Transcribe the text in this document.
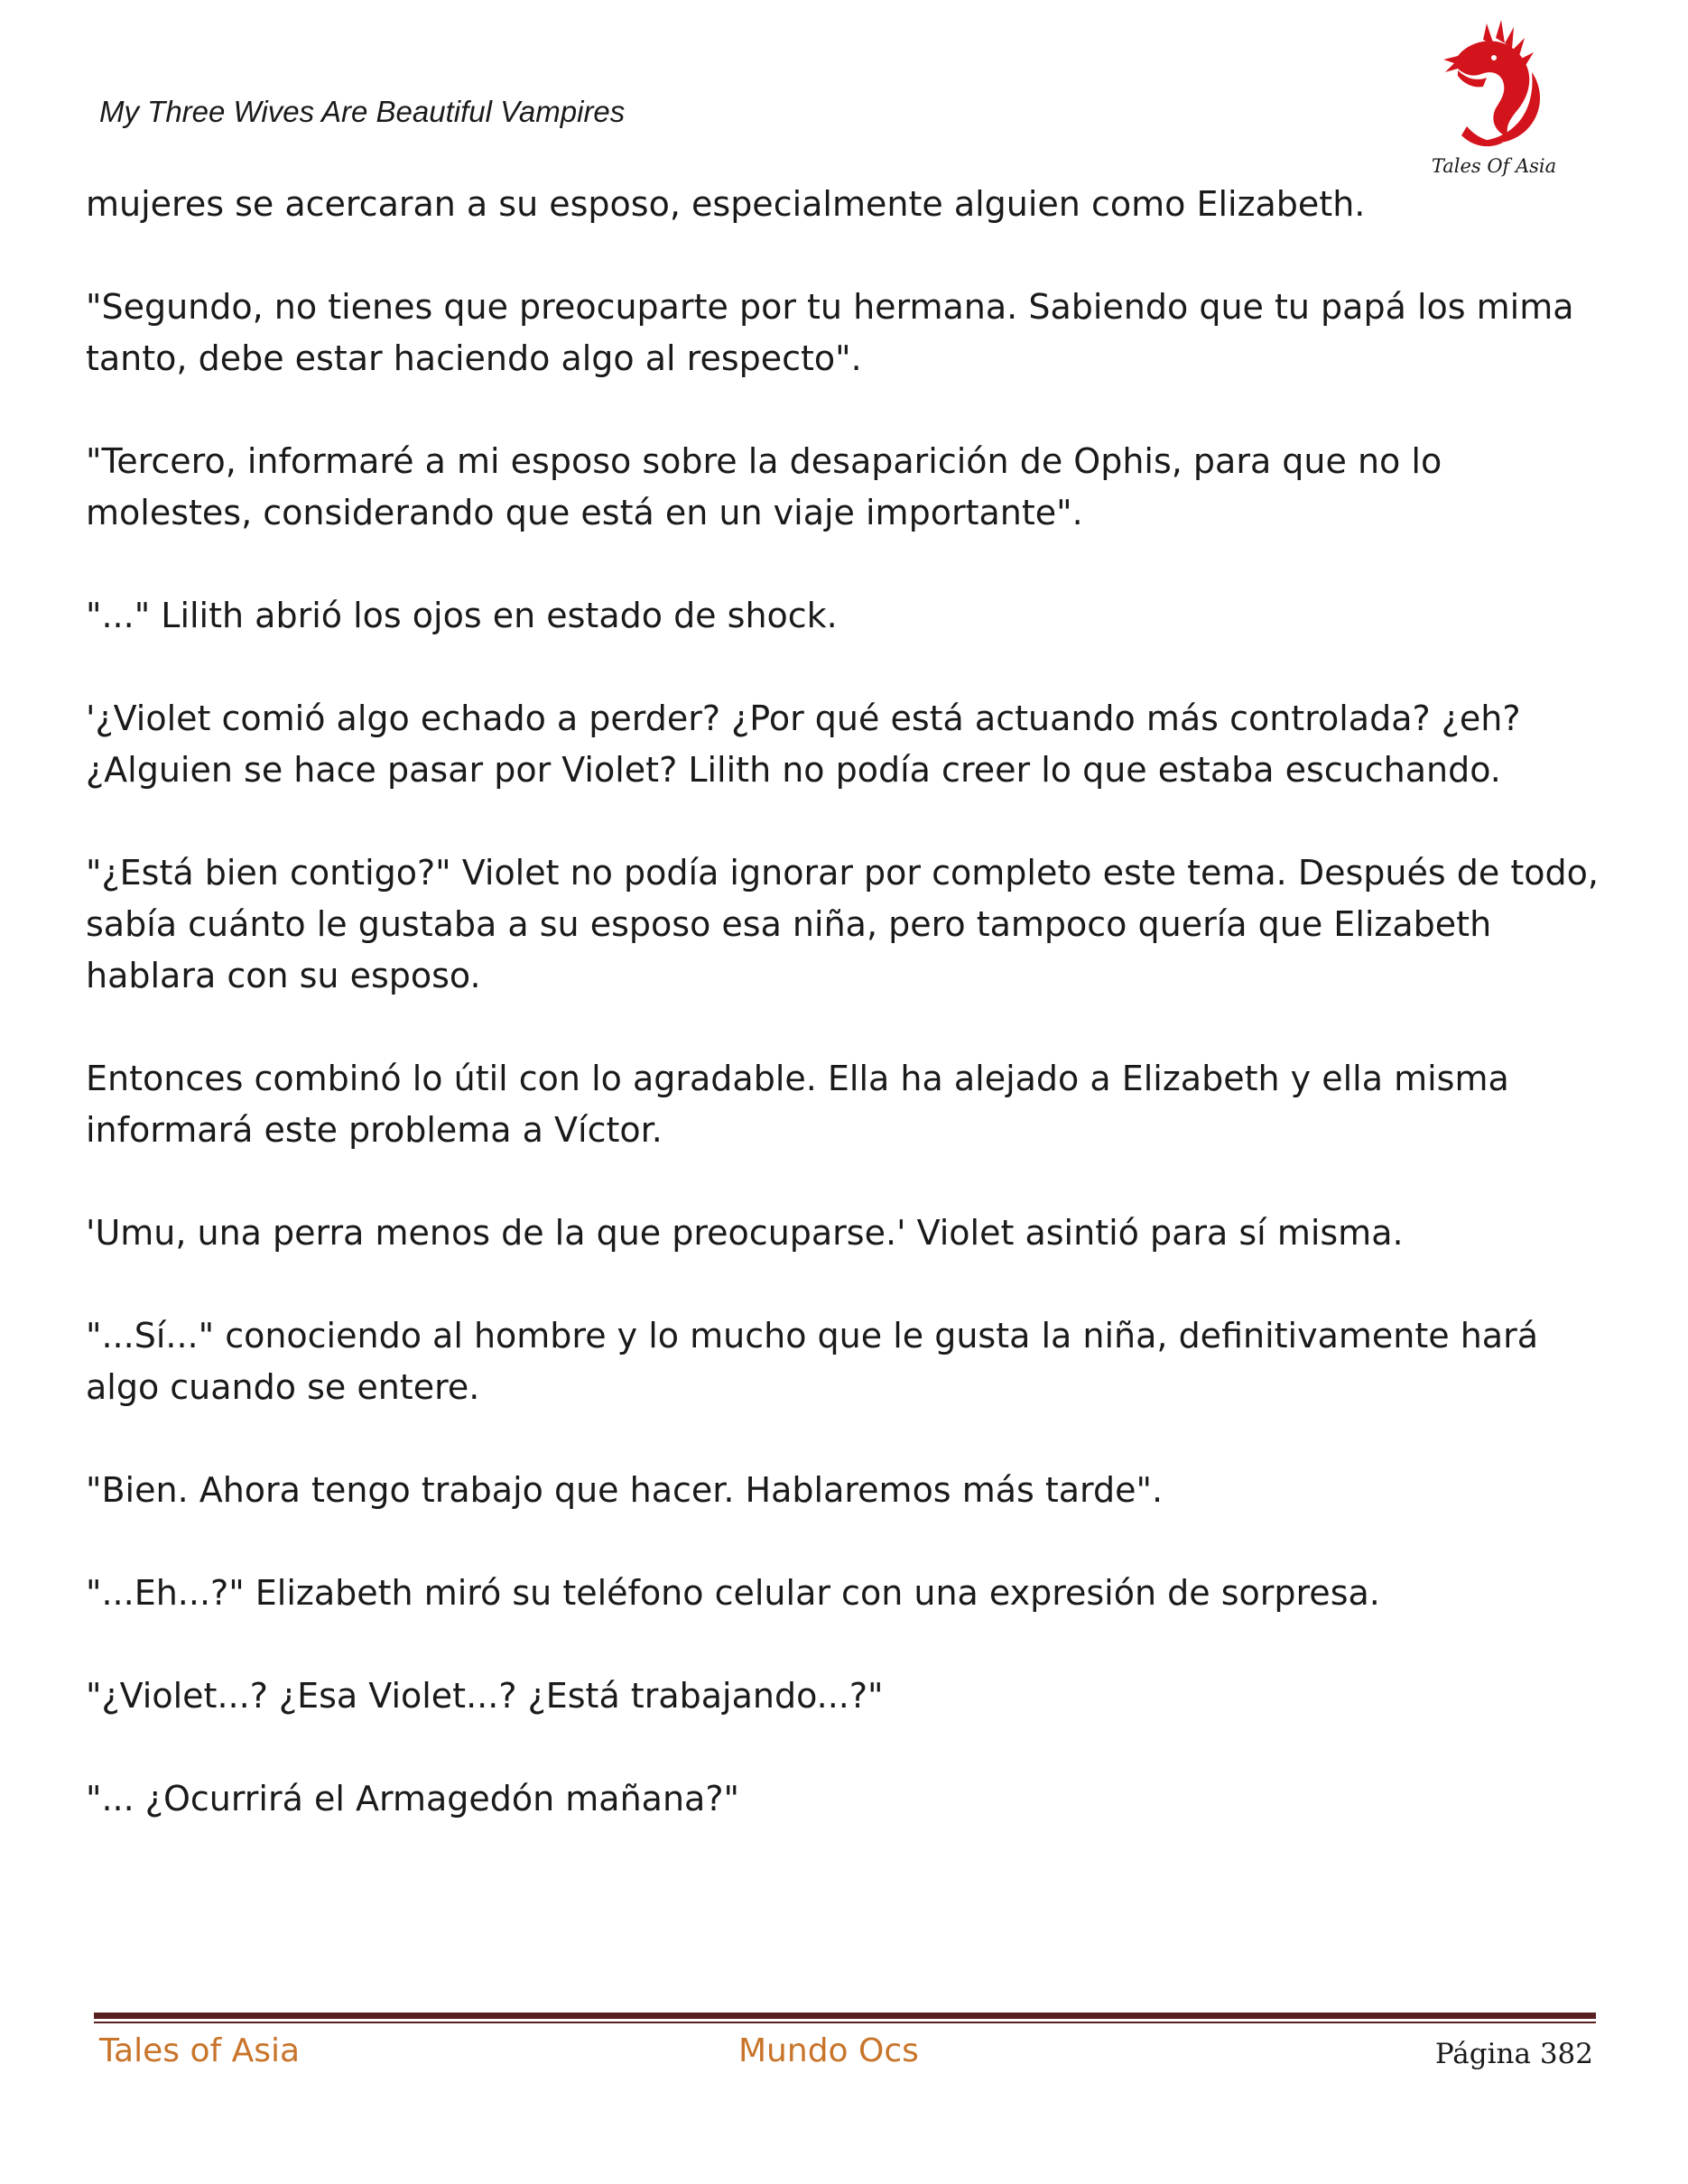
My Three Wives Are Beautiful Vampires
Tales Of Asia

mujeres se acercaran a su esposo, especialmente alguien como Elizabeth.

"Segundo, no tienes que preocuparte por tu hermana. Sabiendo que tu papá los mima tanto, debe estar haciendo algo al respecto".

"Tercero, informaré a mi esposo sobre la desaparición de Ophis, para que no lo molestes, considerando que está en un viaje importante".

"..." Lilith abrió los ojos en estado de shock.

'¿Violet comió algo echado a perder? ¿Por qué está actuando más controlada? ¿eh? ¿Alguien se hace pasar por Violet? Lilith no podía creer lo que estaba escuchando.

"¿Está bien contigo?" Violet no podía ignorar por completo este tema. Después de todo, sabía cuánto le gustaba a su esposo esa niña, pero tampoco quería que Elizabeth hablara con su esposo.

Entonces combinó lo útil con lo agradable. Ella ha alejado a Elizabeth y ella misma informará este problema a Víctor.

'Umu, una perra menos de la que preocuparse.' Violet asintió para sí misma.

"...Sí..." conociendo al hombre y lo mucho que le gusta la niña, definitivamente hará algo cuando se entere.

"Bien. Ahora tengo trabajo que hacer. Hablaremos más tarde".

"...Eh...?" Elizabeth miró su teléfono celular con una expresión de sorpresa.

"¿Violet...? ¿Esa Violet...? ¿Está trabajando...?"

"... ¿Ocurrirá el Armagedón mañana?"

Tales of Asia	Mundo Ocs	Página 382
